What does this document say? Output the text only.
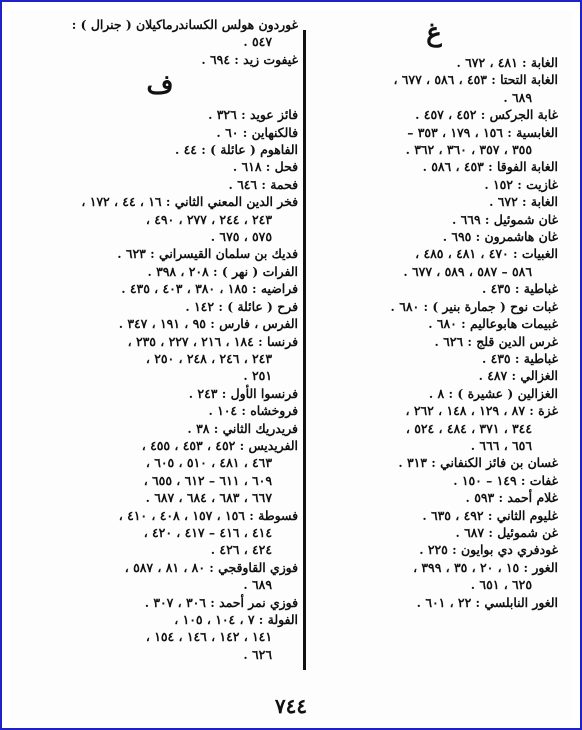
غ
الغابة : ٤٨١ ، ٦٧٢ .
الغابة التحتا : ٤٥٣ ، ٥٨٦ ، ٦٧٧ ،
٦٨٩ .
غابة الجركس : ٤٥٢ ، ٤٥٧ .
الغابسية : ١٥٦ ، ١٧٩ ، ٣٥٣ –
٣٥٥ ، ٣٥٧ ، ٣٦٠ ، ٣٦٢ .
الغابة الفوقا : ٤٥٣ ، ٥٨٦ .
غازيت : ١٥٢ .
الغابة : ٦٧٢ .
غان شموئيل : ٦٦٩ .
غان هاشمرون : ٦٩٥ .
الغبيات : ٤٧٠ ، ٤٨١ ، ٤٨٥ ،
٥٨٦ – ٥٨٧ ، ٥٨٩ ، ٦٧٧ .
غباطية : ٤٣٥ .
غبات نوح ( جمارة بنير ) : ٦٨٠ .
غبيمات هابوعاليم : ٦٨٠ .
غرس الدين قلج : ٦٢٦ .
غباطية : ٤٣٥ .
الغزالي : ٤٨٧ .
الغزالين ( عشيرة ) : ٨ .
غزة : ٨٧ ، ١٢٩ ، ١٤٨ ، ٢٦٢ ،
٣٤٤ ، ٣٧١ ، ٤٨٤ ، ٥٢٤ ،
٦٥٦ ، ٦٦٦ .
غسان بن فائز الكنفاني : ٣١٣ .
غفات : ١٤٩ – ١٥٠ .
غلام أحمد : ٥٩٣ .
غليوم الثاني : ٤٩٢ ، ٦٣٥ .
غن شموئيل : ٦٨٧ .
غودفري دي بوايون : ٢٢٥ .
الغور : ١٥ ، ٢٠ ، ٣٥ ، ٣٩٩ ،
٦٢٥ ، ٦٥١ .
الغور النابلسي : ٢٢ ، ٦٠١ .
غوردون هولس الكساندرماكيلان ( جنرال ) :
٥٤٧ .
غيفوت زيد : ٦٩٤ .
ف
فائز عويد : ٣٢٦ .
فالكنهاين : ٦٠ .
الفاهوم ( عائلة ) : ٤٤ .
فحل : ٦١٨ .
فحمة : ٦٤٦ .
فخر الدين المعني الثاني : ١٦ ، ٤٤ ، ١٧٢ ،
٢٤٣ ، ٢٤٤ ، ٢٧٧ ، ٤٩٠ ،
٥٧٥ ، ٦٧٥ .
فديك بن سلمان القيسراني : ٦٢٣ .
الفرات ( نهر ) : ٢٠٨ ، ٣٩٨ .
فراضيه : ١٨٥ ، ٣٨٠ ، ٤٠٣ ، ٤٣٥ .
فرح ( عائلة ) : ١٤٢ .
الفرس ، فارس : ٩٥ ، ١٩١ ، ٣٤٧ .
فرنسا : ١٨٤ ، ٢١٦ ، ٢٢٧ ، ٢٣٥ ،
٢٤٣ ، ٢٤٦ ، ٢٤٨ ، ٢٥٠ ،
٢٥١ .
فرنسوا الأول : ٢٤٣ .
فروخشاه : ١٠٤ .
فريدريك الثاني : ٣٨ .
الفريديس : ٤٥٢ ، ٤٥٣ ، ٤٥٥ ،
٤٦٣ ، ٤٨١ ، ٥١٠ ، ٦٠٥ ،
٦٠٩ ، ٦١١ – ٦١٢ ، ٦٥٥ ،
٦٦٧ ، ٦٨٣ ، ٦٨٤ ، ٦٨٧ .
فسوطة : ١٥٦ ، ١٥٧ ، ٤٠٨ ، ٤١٠ ،
٤١٤ ، ٤١٦ – ٤١٧ ، ٤٢٠ ،
٤٢٤ ، ٤٢٦ .
فوزي القاوقجي : ٨٠ ، ٨١ ، ٥٨٧ ،
٦٨٩ .
فوزي نمر أحمد : ٣٠٦ ، ٣٠٧ .
الفولة : ٧ ، ١٠٤ ، ١٠٥ ،
١٤١ ، ١٤٢ ، ١٤٦ ، ١٥٤ ،
٦٢٦ .
٧٤٤
